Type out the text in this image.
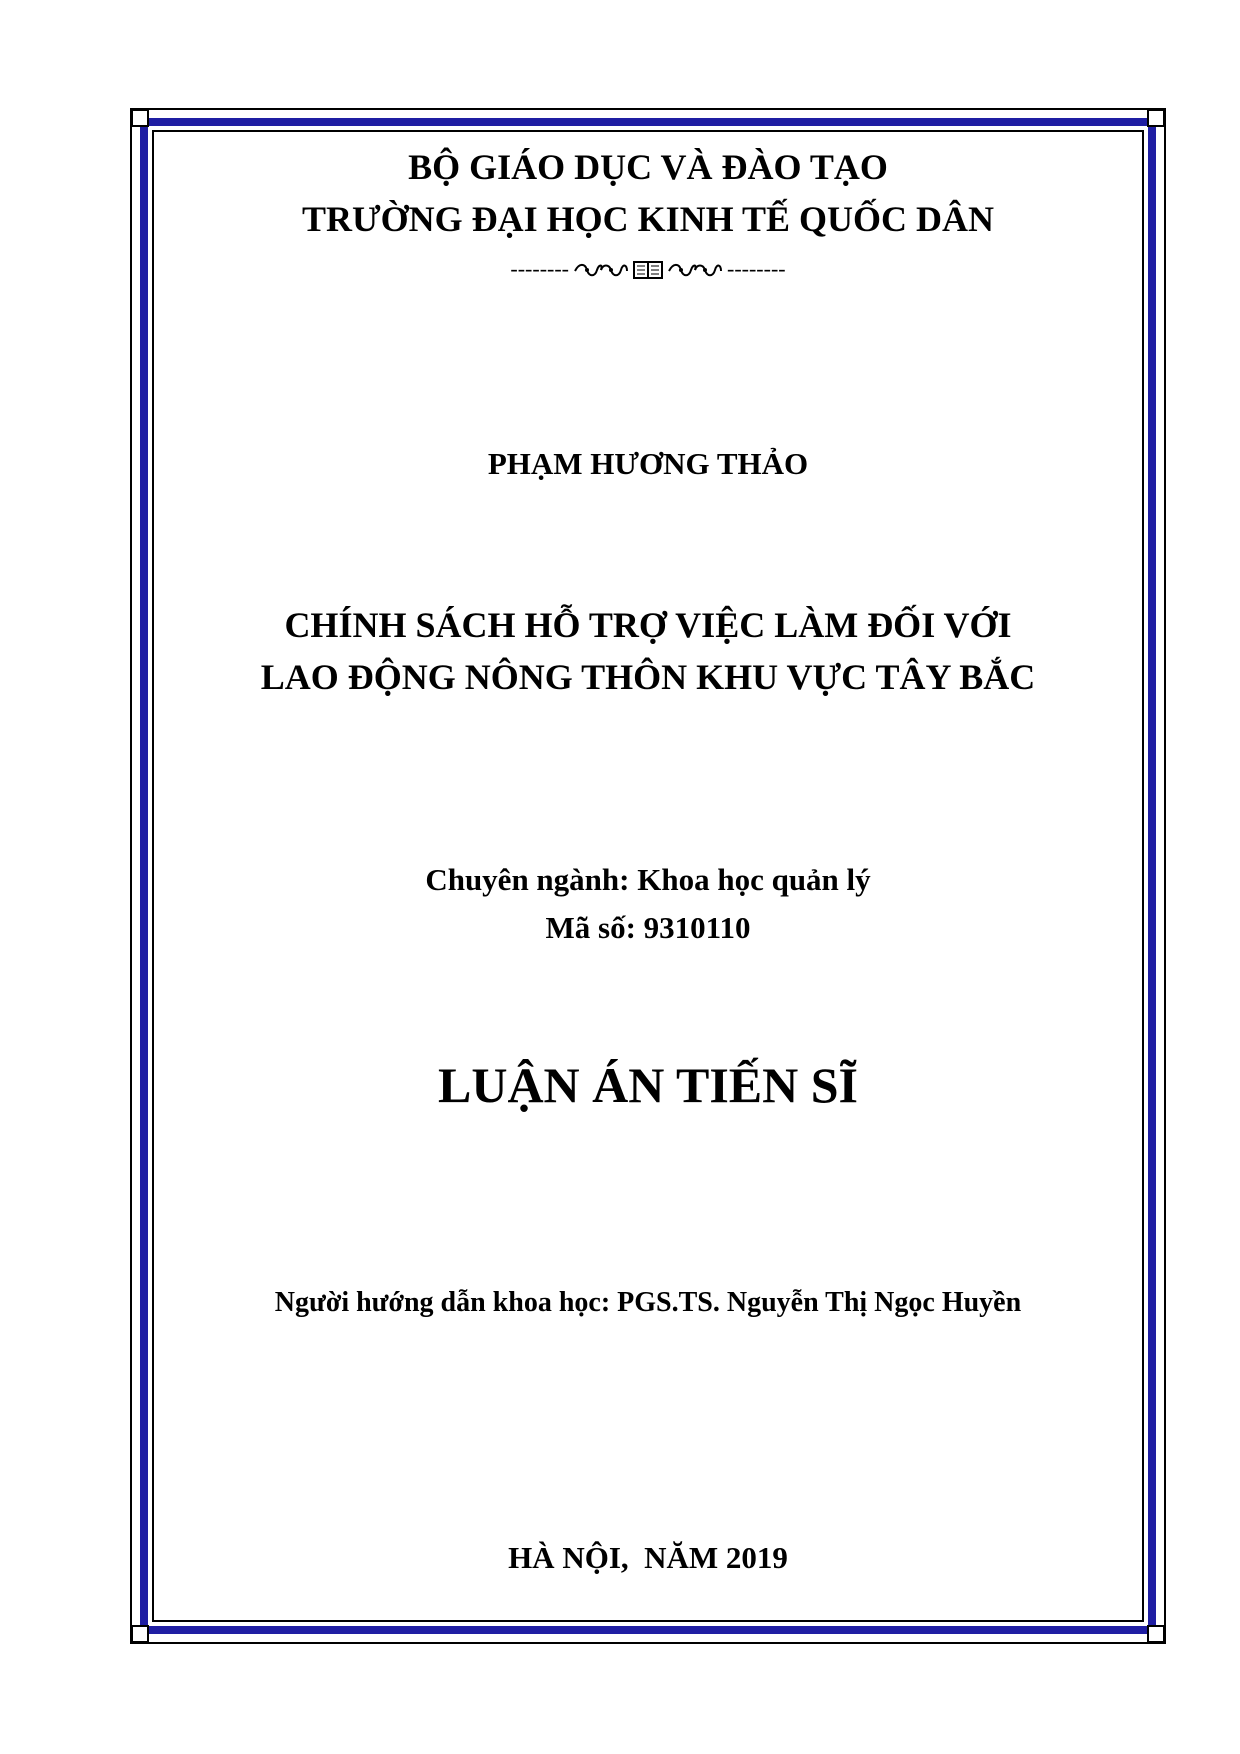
BỘ GIÁO DỤC VÀ ĐÀO TẠO
TRƯỜNG ĐẠI HỌC KINH TẾ QUỐC DÂN
--------	--------
PHẠM HƯƠNG THẢO
CHÍNH SÁCH HỖ TRỢ VIỆC LÀM ĐỐI VỚI
LAO ĐỘNG NÔNG THÔN KHU VỰC TÂY BẮC
Chuyên ngành: Khoa học quản lý
Mã số: 9310110
LUẬN ÁN TIẾN SĨ
Người hướng dẫn khoa học: PGS.TS. Nguyễn Thị Ngọc Huyền
HÀ NỘI,  NĂM 2019
